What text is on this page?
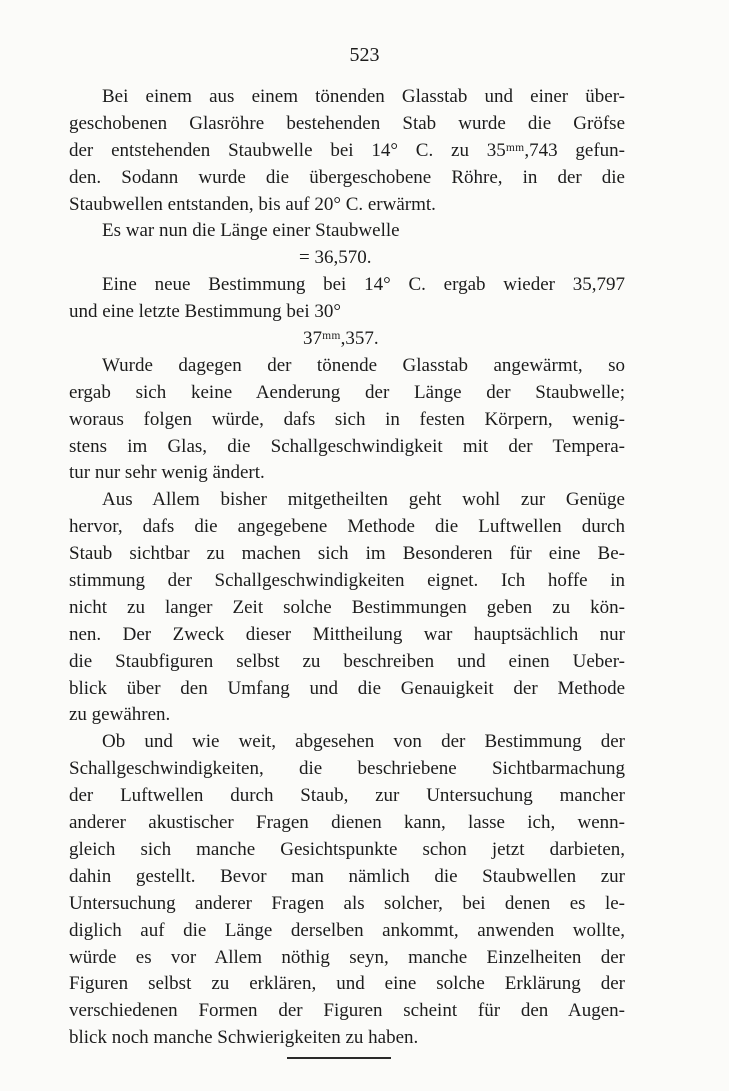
523
Bei einem aus einem tönenden Glasstab und einer über-
geschobenen Glasröhre bestehenden Stab wurde die Gröfse
der entstehenden Staubwelle bei 14° C. zu 35ᵐᵐ,743 gefun-
den. Sodann wurde die übergeschobene Röhre, in der die
Staubwellen entstanden, bis auf 20° C. erwärmt.
Es war nun die Länge einer Staubwelle
= 36,570.
Eine neue Bestimmung bei 14° C. ergab wieder 35,797
und eine letzte Bestimmung bei 30°
37ᵐᵐ,357.
Wurde dagegen der tönende Glasstab angewärmt, so
ergab sich keine Aenderung der Länge der Staubwelle;
woraus folgen würde, dafs sich in festen Körpern, wenig-
stens im Glas, die Schallgeschwindigkeit mit der Tempera-
tur nur sehr wenig ändert.
Aus Allem bisher mitgetheilten geht wohl zur Genüge
hervor, dafs die angegebene Methode die Luftwellen durch
Staub sichtbar zu machen sich im Besonderen für eine Be-
stimmung der Schallgeschwindigkeiten eignet. Ich hoffe in
nicht zu langer Zeit solche Bestimmungen geben zu kön-
nen. Der Zweck dieser Mittheilung war hauptsächlich nur
die Staubfiguren selbst zu beschreiben und einen Ueber-
blick über den Umfang und die Genauigkeit der Methode
zu gewähren.
Ob und wie weit, abgesehen von der Bestimmung der
Schallgeschwindigkeiten, die beschriebene Sichtbarmachung
der Luftwellen durch Staub, zur Untersuchung mancher
anderer akustischer Fragen dienen kann, lasse ich, wenn-
gleich sich manche Gesichtspunkte schon jetzt darbieten,
dahin gestellt. Bevor man nämlich die Staubwellen zur
Untersuchung anderer Fragen als solcher, bei denen es le-
diglich auf die Länge derselben ankommt, anwenden wollte,
würde es vor Allem nöthig seyn, manche Einzelheiten der
Figuren selbst zu erklären, und eine solche Erklärung der
verschiedenen Formen der Figuren scheint für den Augen-
blick noch manche Schwierigkeiten zu haben.
